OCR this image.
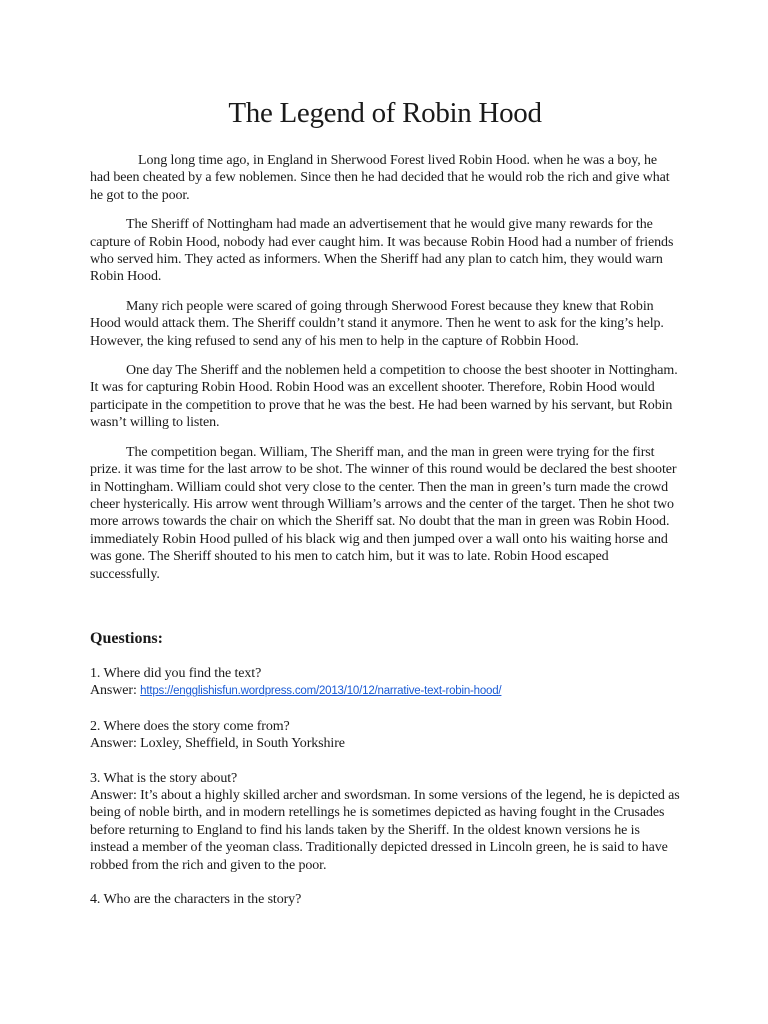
The Legend of Robin Hood

Long long time ago, in England in Sherwood Forest lived Robin Hood. when he was a boy, he had been cheated by a few noblemen. Since then he had decided that he would rob the rich and give what he got to the poor.

The Sheriff of Nottingham had made an advertisement that he would give many rewards for the capture of Robin Hood, nobody had ever caught him. It was because Robin Hood had a number of friends who served him. They acted as informers. When the Sheriff had any plan to catch him, they would warn Robin Hood.

Many rich people were scared of going through Sherwood Forest because they knew that Robin Hood would attack them. The Sheriff couldn’t stand it anymore. Then he went to ask for the king’s help. However, the king refused to send any of his men to help in the capture of Robbin Hood.

One day The Sheriff and the noblemen held a competition to choose the best shooter in Nottingham. It was for capturing Robin Hood. Robin Hood was an excellent shooter. Therefore, Robin Hood would participate in the competition to prove that he was the best. He had been warned by his servant, but Robin wasn’t willing to listen.

The competition began. William, The Sheriff man, and the man in green were trying for the first prize. it was time for the last arrow to be shot. The winner of this round would be declared the best shooter in Nottingham. William could shot very close to the center. Then the man in green’s turn made the crowd cheer hysterically. His arrow went through William’s arrows and the center of the target. Then he shot two more arrows towards the chair on which the Sheriff sat. No doubt that the man in green was Robin Hood. immediately Robin Hood pulled of his black wig and then jumped over a wall onto his waiting horse and was gone. The Sheriff shouted to his men to catch him, but it was to late. Robin Hood escaped successfully.

Questions:
1. Where did you find the text?
Answer: https://engglishisfun.wordpress.com/2013/10/12/narrative-text-robin-hood/
2. Where does the story come from?
Answer: Loxley, Sheffield, in South Yorkshire
3. What is the story about?
Answer: It’s about a highly skilled archer and swordsman. In some versions of the legend, he is depicted as being of noble birth, and in modern retellings he is sometimes depicted as having fought in the Crusades before returning to England to find his lands taken by the Sheriff. In the oldest known versions he is instead a member of the yeoman class. Traditionally depicted dressed in Lincoln green, he is said to have robbed from the rich and given to the poor.
4. Who are the characters in the story?
